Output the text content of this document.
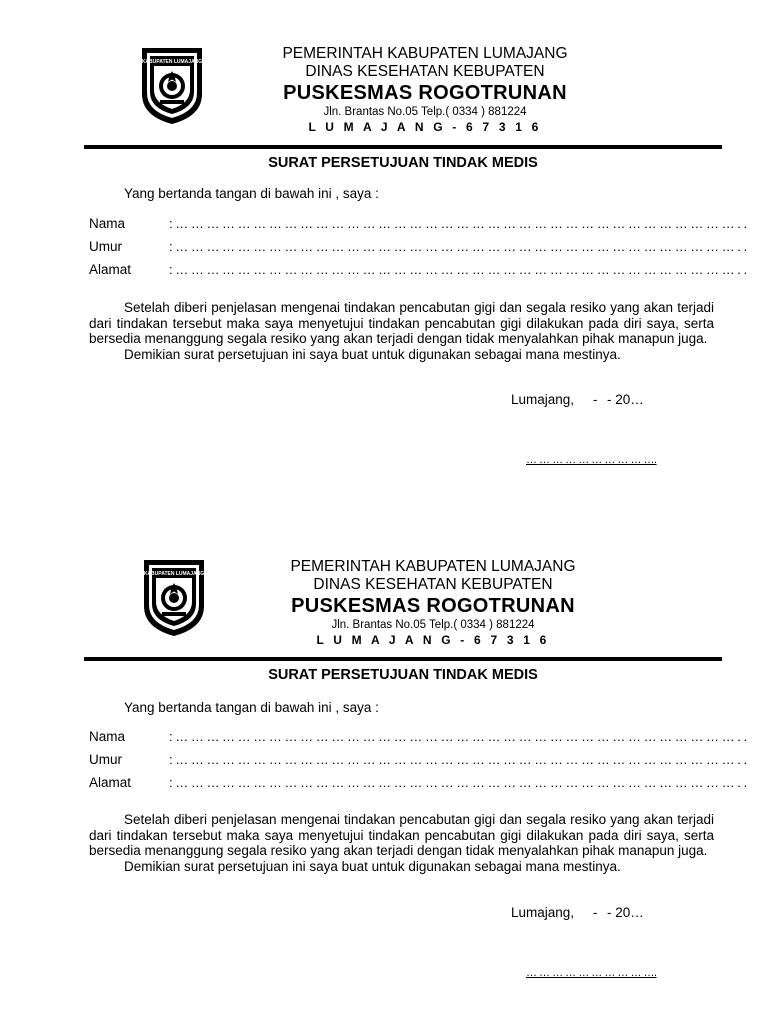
KABUPATEN LUMAJANG	PEMERINTAH KABUPATEN LUMAJANG
DINAS KESEHATAN KEBUPATEN
PUSKESMAS ROGOTRUNAN
Jln. Brantas No.05 Telp.( 0334 ) 881224
L U M A J A N G - 6 7 3 1 6
SURAT PERSETUJUAN TINDAK MEDIS
Yang bertanda tangan di bawah ini , saya :
Nama	: … … … … … … … … … … … … … … … … … … … … … … … … … … … … … … … … … … … … . .
Umur	: … … … … … … … … … … … … … … … … … … … … … … … … … … … … … … … … … … … … . .
Alamat	: … … … … … … … … … … … … … … … … … … … … … … … … … … … … … … … … … … … … . .

Setelah diberi penjelasan mengenai tindakan pencabutan gigi dan segala resiko yang akan terjadi dari tindakan tersebut maka saya menyetujui tindakan pencabutan gigi dilakukan pada diri saya, serta bersedia menanggung segala resiko yang akan terjadi dengan tidak menyalahkan pihak manapun juga.

Demikian surat persetujuan ini saya buat untuk digunakan sebagai mana mestinya.

Lumajang, - - 20…
… … … … … … … … … ….
KABUPATEN LUMAJANG	PEMERINTAH KABUPATEN LUMAJANG
DINAS KESEHATAN KEBUPATEN
PUSKESMAS ROGOTRUNAN
Jln. Brantas No.05 Telp.( 0334 ) 881224
L U M A J A N G - 6 7 3 1 6
SURAT PERSETUJUAN TINDAK MEDIS
Yang bertanda tangan di bawah ini , saya :
Nama	: … … … … … … … … … … … … … … … … … … … … … … … … … … … … … … … … … … … … . .
Umur	: … … … … … … … … … … … … … … … … … … … … … … … … … … … … … … … … … … … … . .
Alamat	: … … … … … … … … … … … … … … … … … … … … … … … … … … … … … … … … … … … … . .

Setelah diberi penjelasan mengenai tindakan pencabutan gigi dan segala resiko yang akan terjadi dari tindakan tersebut maka saya menyetujui tindakan pencabutan gigi dilakukan pada diri saya, serta bersedia menanggung segala resiko yang akan terjadi dengan tidak menyalahkan pihak manapun juga.

Demikian surat persetujuan ini saya buat untuk digunakan sebagai mana mestinya.

Lumajang, - - 20…
… … … … … … … … … ….
